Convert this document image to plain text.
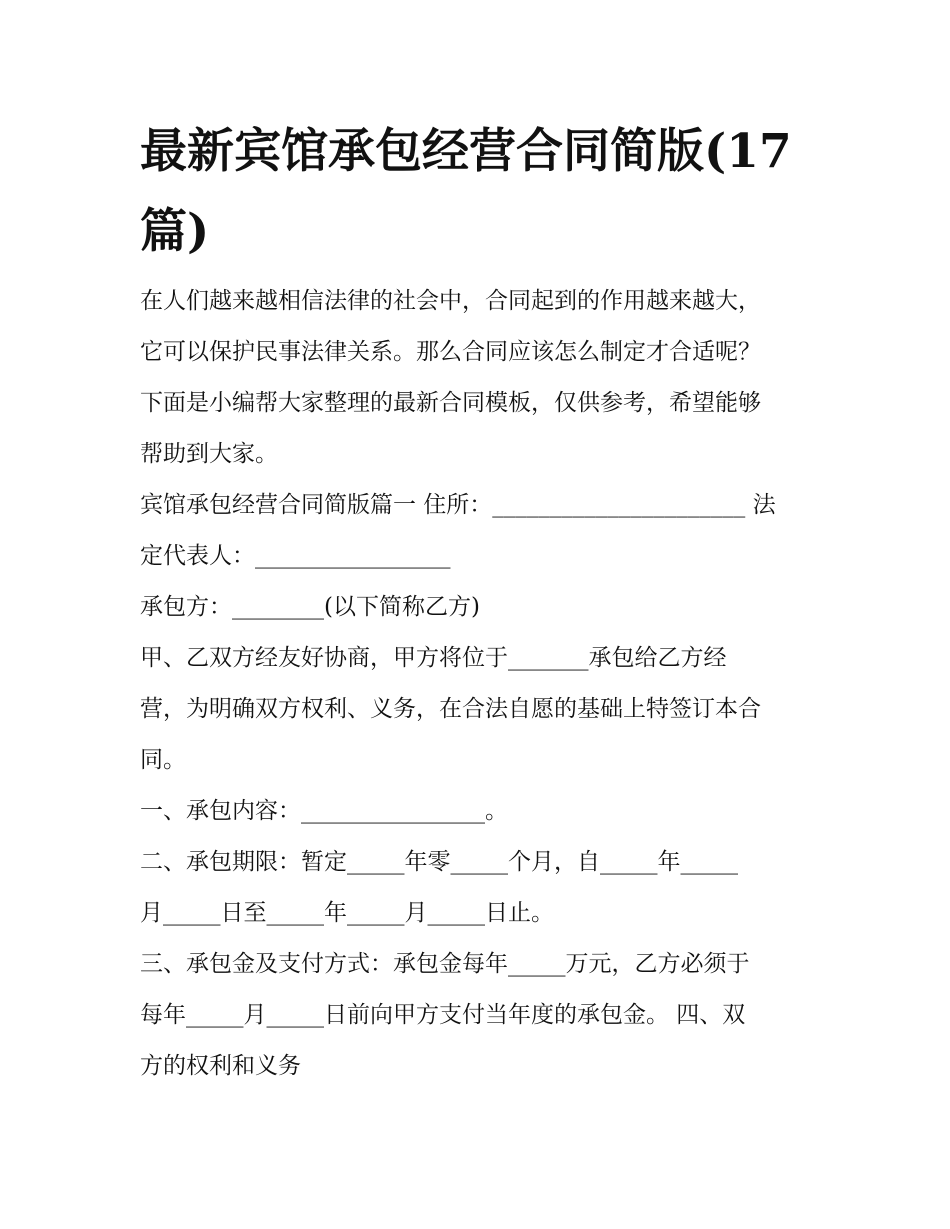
最新宾馆承包经营合同简版(17
篇)

在人们越来越相信法律的社会中，合同起到的作用越来越大，

它可以保护民事法律关系。那么合同应该怎么制定才合适呢？

下面是小编帮大家整理的最新合同模板，仅供参考，希望能够

帮助到大家。

宾馆承包经营合同简版篇一 住所：______________________ 法

定代表人：_________________

承包方：________(以下简称乙方)

甲、乙双方经友好协商，甲方将位于_______承包给乙方经

营，为明确双方权利、义务，在合法自愿的基础上特签订本合

同。

一、承包内容：________________。

二、承包期限：暂定_____年零_____个月，自_____年_____

月_____日至_____年_____月_____日止。

三、承包金及支付方式：承包金每年_____万元，乙方必须于

每年_____月_____日前向甲方支付当年度的承包金。 四、双

方的权利和义务
